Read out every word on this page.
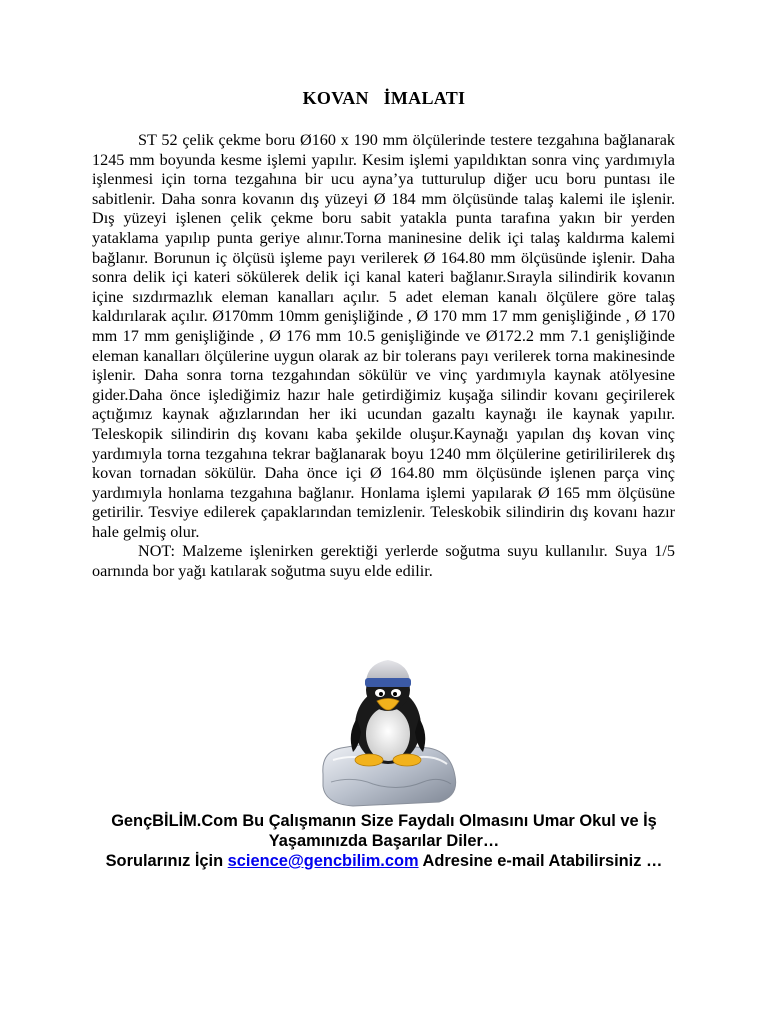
KOVAN İMALATI

ST 52 çelik çekme boru Ø160 x 190 mm ölçülerinde testere tezgahına bağlanarak 1245 mm boyunda kesme işlemi yapılır. Kesim işlemi yapıldıktan sonra vinç yardımıyla işlenmesi için torna tezgahına bir ucu ayna’ya tutturulup diğer ucu boru puntası ile sabitlenir. Daha sonra kovanın dış yüzeyi Ø 184 mm ölçüsünde talaş kalemi ile işlenir. Dış yüzeyi işlenen çelik çekme boru sabit yatakla punta tarafına yakın bir yerden yataklama yapılıp punta geriye alınır.Torna maninesine delik içi talaş kaldırma kalemi bağlanır. Borunun iç ölçüsü işleme payı verilerek Ø 164.80 mm ölçüsünde işlenir. Daha sonra delik içi kateri sökülerek delik içi kanal kateri bağlanır.Sırayla silindirik kovanın içine sızdırmazlık eleman kanalları açılır. 5 adet eleman kanalı ölçülere göre talaş kaldırılarak açılır. Ø170mm 10mm genişliğinde , Ø 170 mm 17 mm genişliğinde , Ø 170 mm 17 mm genişliğinde , Ø 176 mm 10.5 genişliğinde ve Ø172.2 mm 7.1 genişliğinde eleman kanalları ölçülerine uygun olarak az bir tolerans payı verilerek torna makinesinde işlenir. Daha sonra torna tezgahından sökülür ve vinç yardımıyla kaynak atölyesine gider.Daha önce işlediğimiz hazır hale getirdiğimiz kuşağa silindir kovanı geçirilerek açtığımız kaynak ağızlarından her iki ucundan gazaltı kaynağı ile kaynak yapılır. Teleskopik silindirin dış kovanı kaba şekilde oluşur.Kaynağı yapılan dış kovan vinç yardımıyla torna tezgahına tekrar bağlanarak boyu 1240 mm ölçülerine getirilirilerek dış kovan tornadan sökülür. Daha önce içi Ø 164.80 mm ölçüsünde işlenen parça vinç yardımıyla honlama tezgahına bağlanır. Honlama işlemi yapılarak Ø 165 mm ölçüsüne getirilir. Tesviye edilerek çapaklarından temizlenir. Teleskobik silindirin dış kovanı hazır hale gelmiş olur.

NOT: Malzeme işlenirken gerektiği yerlerde soğutma suyu kullanılır. Suya 1/5 oarnında bor yağı katılarak soğutma suyu elde edilir.

GençBİLİM.Com Bu Çalışmanın Size Faydalı Olmasını Umar Okul ve İş Yaşamınızda Başarılar Diler…
Sorularınız İçin science@gencbilim.com Adresine e-mail Atabilirsiniz …
